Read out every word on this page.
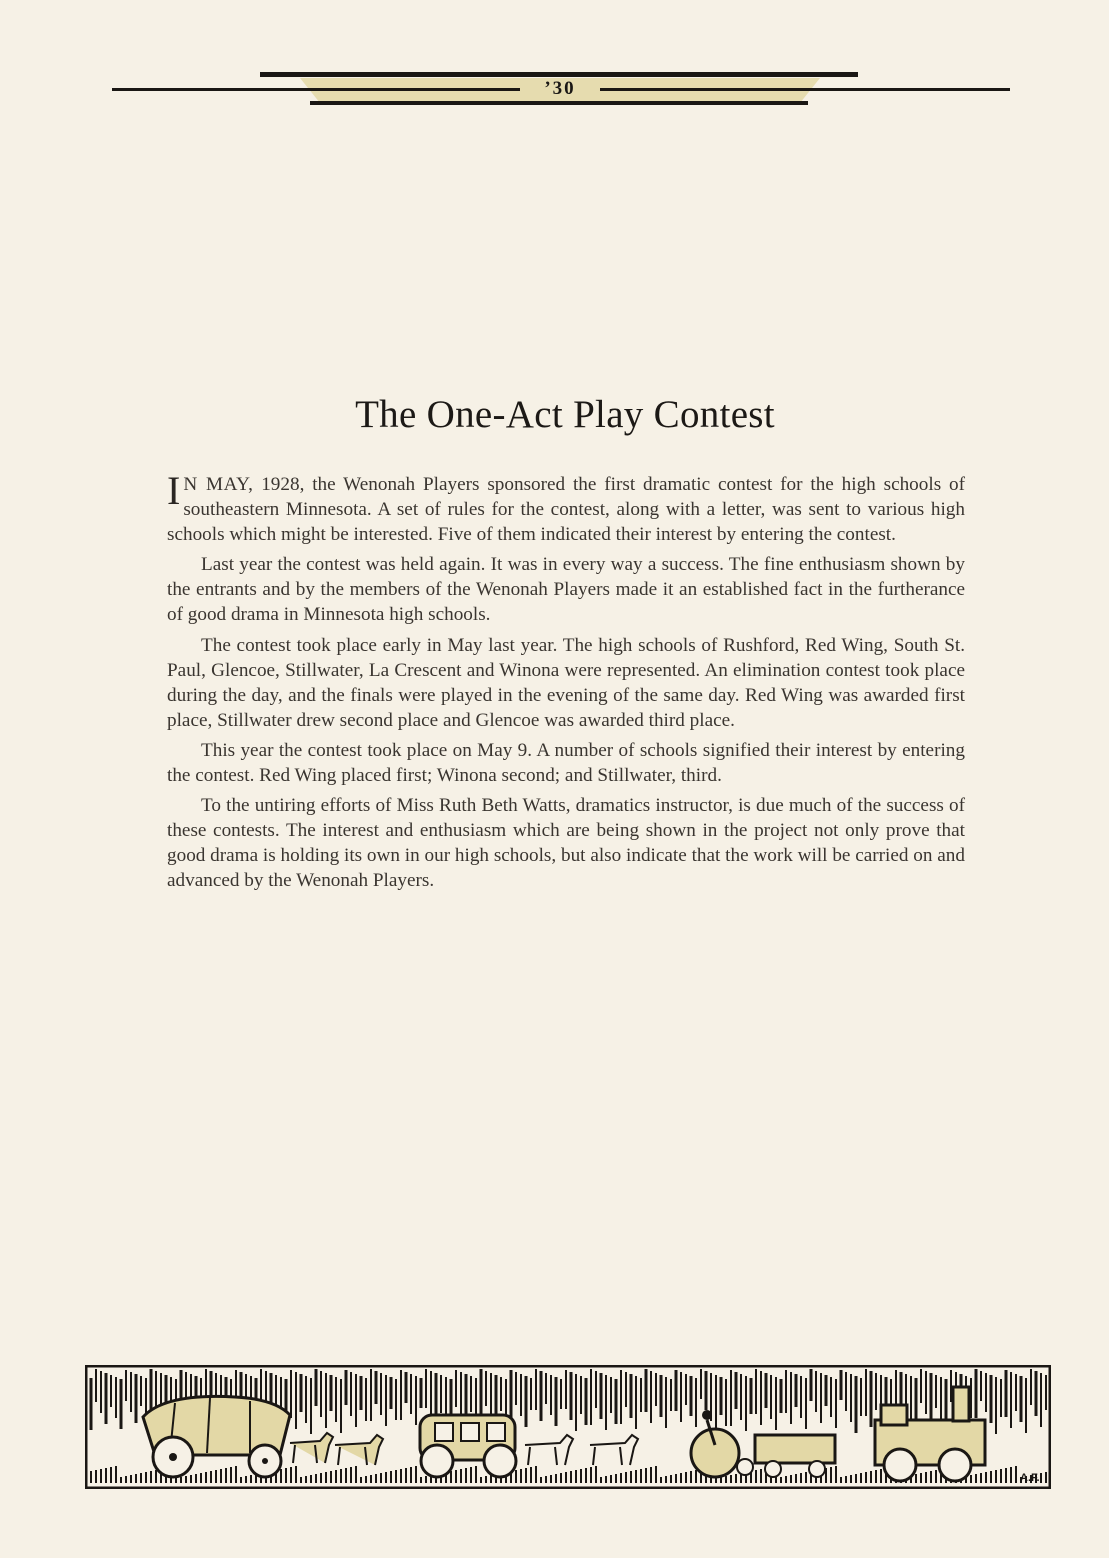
’30
The One-Act Play Contest

I N MAY, 1928, the Wenonah Players sponsored the first dramatic contest for the high schools of southeastern Minnesota. A set of rules for the contest, along with a letter, was sent to various high schools which might be interested. Five of them indicated their interest by entering the contest.

Last year the contest was held again. It was in every way a success. The fine enthusiasm shown by the entrants and by the members of the Wenonah Players made it an established fact in the furtherance of good drama in Minnesota high schools.

The contest took place early in May last year. The high schools of Rushford, Red Wing, South St. Paul, Glencoe, Stillwater, La Crescent and Winona were represented. An elimination contest took place during the day, and the finals were played in the evening of the same day. Red Wing was awarded first place, Stillwater drew second place and Glencoe was awarded third place.

This year the contest took place on May 9. A number of schools signified their interest by entering the contest. Red Wing placed first; Winona second; and Stillwater, third.

To the untiring efforts of Miss Ruth Beth Watts, dramatics instructor, is due much of the success of these contests. The interest and enthusiasm which are being shown in the project not only prove that good drama is holding its own in our high schools, but also indicate that the work will be carried on and advanced by the Wenonah Players.

A.F.
